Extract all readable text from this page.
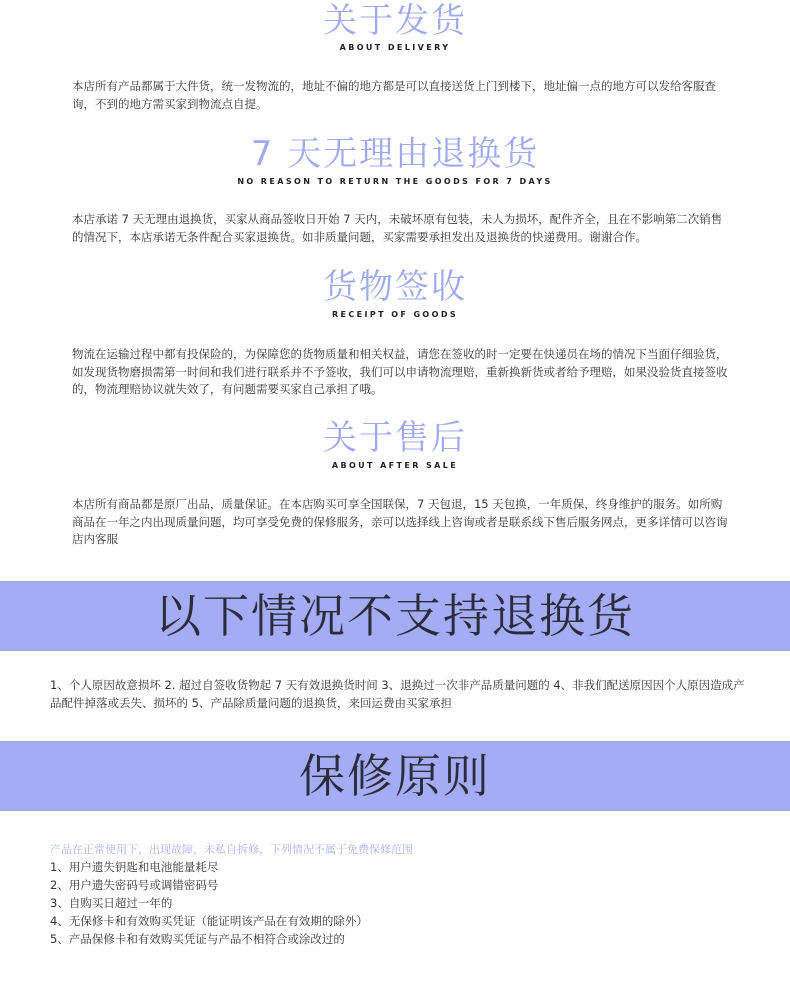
关于发货
ABOUT DELIVERY
本店所有产品都属于大件货，统一发物流的，地址不偏的地方都是可以直接送货上门到楼下，地址偏一点的地方可以发给客服查询，不到的地方需买家到物流点自提。
7 天无理由退换货
NO REASON TO RETURN THE GOODS FOR 7 DAYS
本店承诺 7 天无理由退换货，买家从商品签收日开始 7 天内，未破坏原有包装，未人为损坏，配件齐全，且在不影响第二次销售的情况下，本店承诺无条件配合买家退换货。如非质量问题，买家需要承担发出及退换货的快递费用。谢谢合作。
货物签收
RECEIPT OF GOODS
物流在运输过程中都有投保险的，为保障您的货物质量和相关权益，请您在签收的时一定要在快递员在场的情况下当面仔细验货，如发现货物磨损需第一时间和我们进行联系并不予签收，我们可以申请物流理赔，重新换新货或者给予理赔，如果没验货直接签收的，物流理赔协议就失效了，有问题需要买家自己承担了哦。
关于售后
ABOUT AFTER SALE
本店所有商品都是原厂出品，质量保证。在本店购买可享全国联保，7 天包退，15 天包换，一年质保，终身维护的服务。如所购商品在一年之内出现质量问题，均可享受免费的保修服务，亲可以选择线上咨询或者是联系线下售后服务网点，更多详情可以咨询店内客服
以下情况不支持退换货
1、个人原因故意损坏 2. 超过自签收货物起 7 天有效退换货时间 3、退换过一次非产品质量问题的 4、非我们配送原因因个人原因造成产品配件掉落或丢失、损坏的 5、产品除质量问题的退换货，来回运费由买家承担
保修原则
产品在正常使用下，出现故障，未私自拆修，下列情况不属于免费保修范围
1、用户遗失钥匙和电池能量耗尽
2、用户遗失密码号或调错密码号
3、自购买日超过一年的
4、无保修卡和有效购买凭证（能证明该产品在有效期的除外）
5、产品保修卡和有效购买凭证与产品不相符合或涂改过的
